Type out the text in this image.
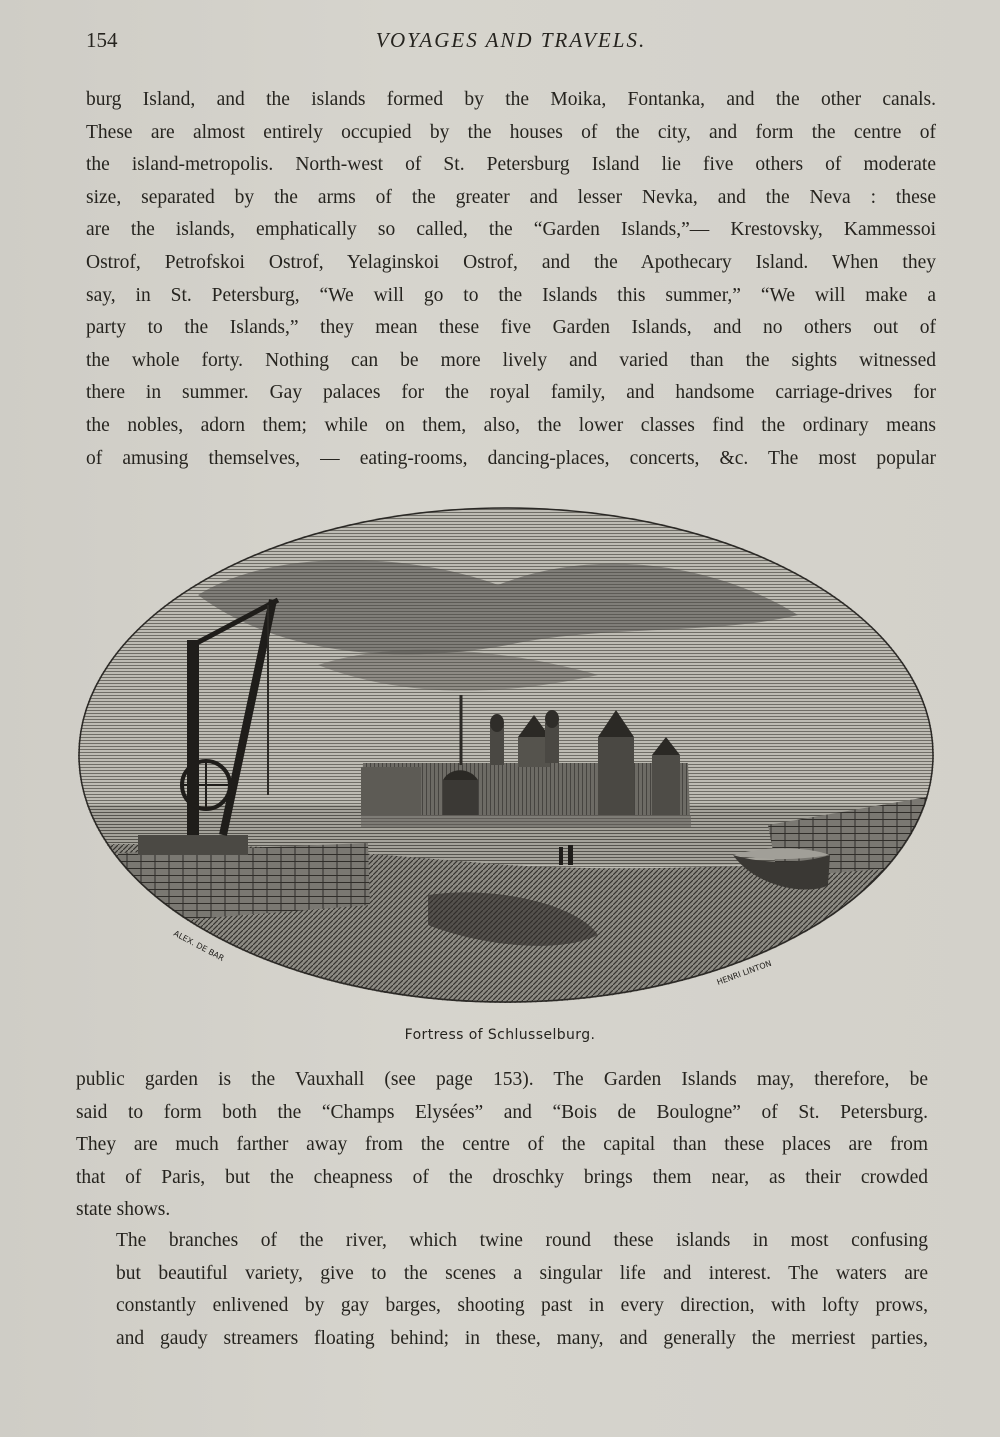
154	VOYAGES AND TRAVELS.
burg Island, and the islands formed by the Moika, Fontanka, and the other canals.
These are almost entirely occupied by the houses of the city, and form the centre of
the island-metropolis. North-west of St. Petersburg Island lie five others of moderate
size, separated by the arms of the greater and lesser Nevka, and the Neva : these
are the islands, emphatically so called, the “Garden Islands,”— Krestovsky, Kammessoi
Ostrof, Petrofskoi Ostrof, Yelaginskoi Ostrof, and the Apothecary Island. When they
say, in St. Petersburg, “We will go to the Islands this summer,” “We will make a
party to the Islands,” they mean these five Garden Islands, and no others out of
the whole forty. Nothing can be more lively and varied than the sights witnessed
there in summer. Gay palaces for the royal family, and handsome carriage-drives for
the nobles, adorn them; while on them, also, the lower classes find the ordinary means
of amusing themselves, — eating-rooms, dancing-places, concerts, &c. The most popular
ALEX. DE BAR
HENRI LINTON
Fortress of Schlusselburg.
public garden is the Vauxhall (see page 153). The Garden Islands may, therefore, be
said to form both the “Champs Elysées” and “Bois de Boulogne” of St. Petersburg.
They are much farther away from the centre of the capital than these places are from
that of Paris, but the cheapness of the droschky brings them near, as their crowded
state shows.
The branches of the river, which twine round these islands in most confusing
but beautiful variety, give to the scenes a singular life and interest. The waters are
constantly enlivened by gay barges, shooting past in every direction, with lofty prows,
and gaudy streamers floating behind; in these, many, and generally the merriest parties,
